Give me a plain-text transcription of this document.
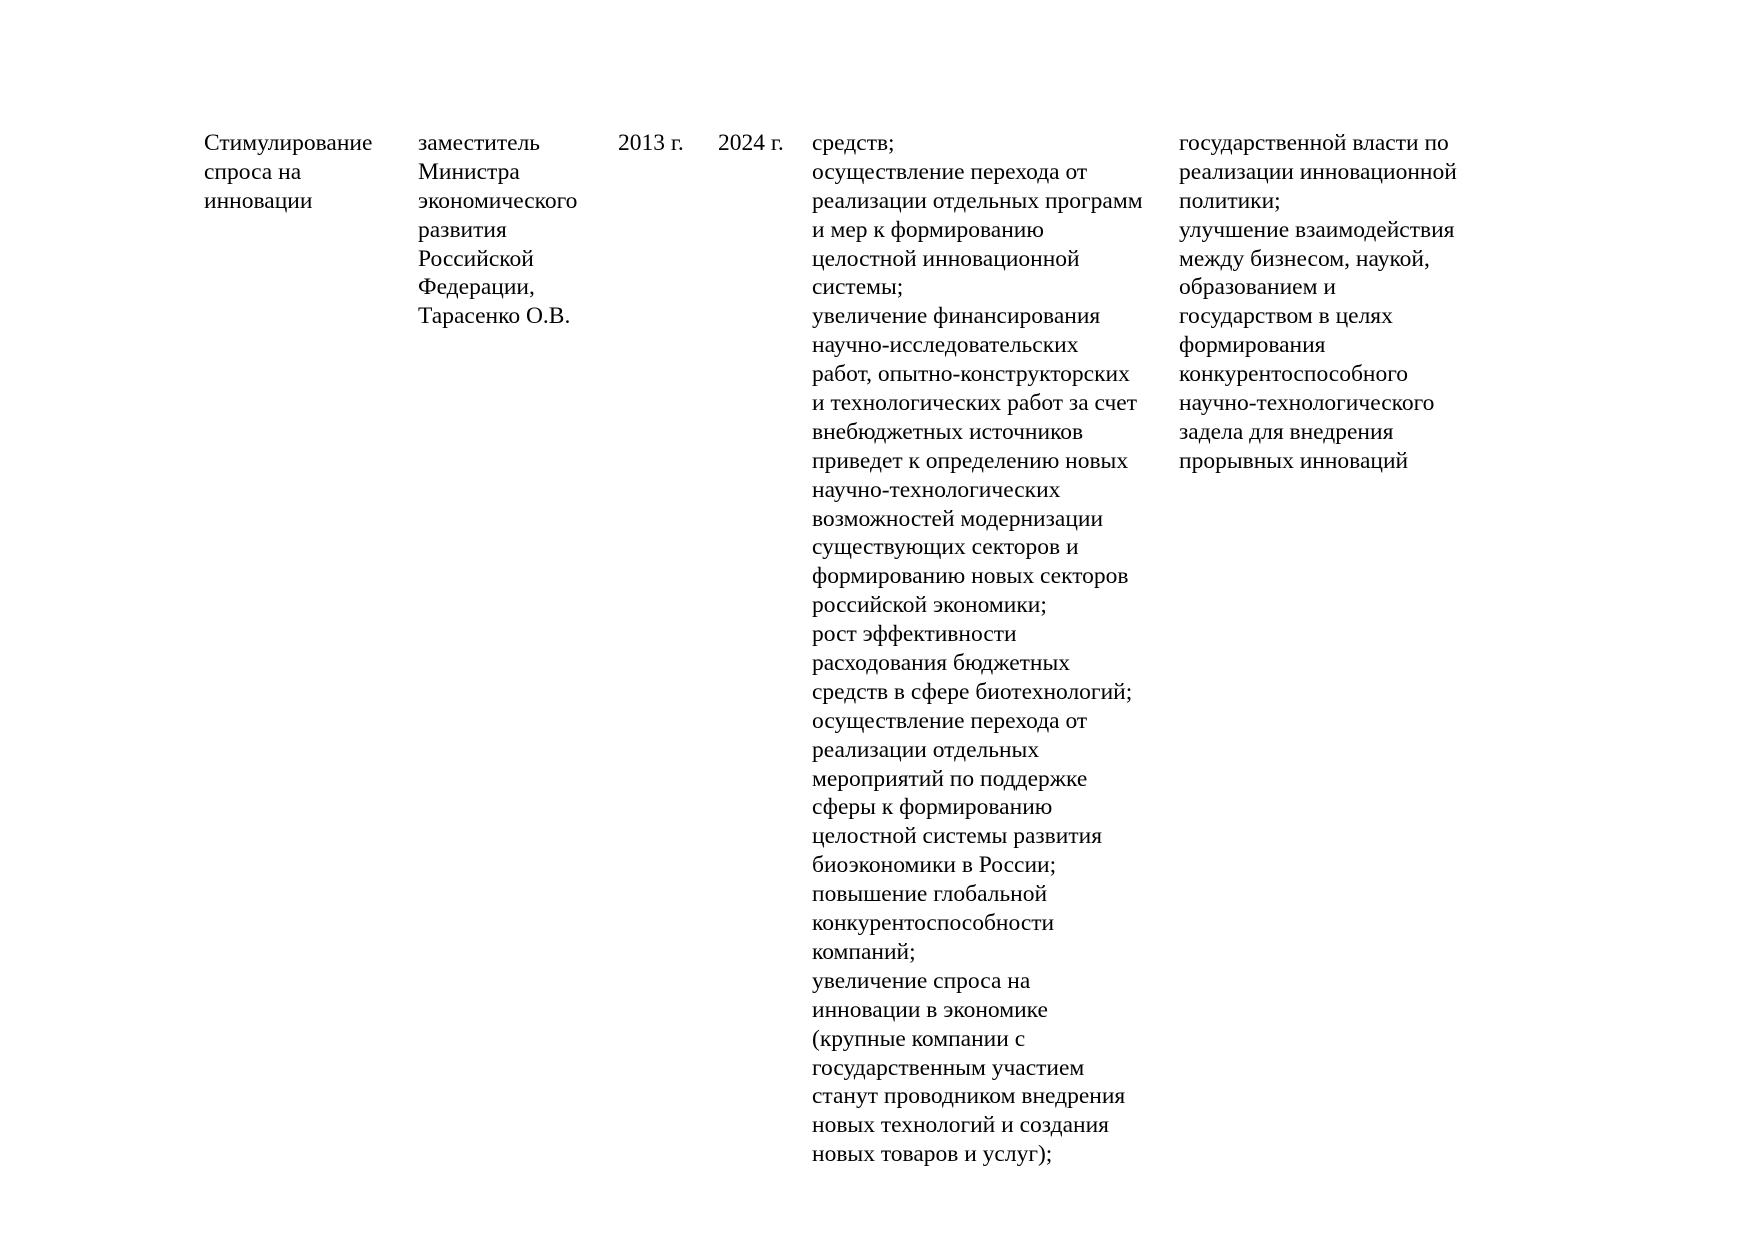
Стимулирование
спроса на
инновации
заместитель
Министра
экономического
развития
Российской
Федерации,
Тарасенко О.В.
2013 г. 2024 г. средств;
осуществление перехода от
реализации отдельных программ
и мер к формированию
целостной инновационной
системы;
увеличение финансирования
научно-исследовательских
работ, опытно-конструкторских
и технологических работ за счет
внебюджетных источников
приведет к определению новых
научно-технологических
возможностей модернизации
существующих секторов и
формированию новых секторов
российской экономики;
рост эффективности
расходования бюджетных
средств в сфере биотехнологий;
осуществление перехода от
реализации отдельных
мероприятий по поддержке
сферы к формированию
целостной системы развития
биоэкономики в России;
повышение глобальной
конкурентоспособности
компаний;
увеличение спроса на
инновации в экономике
(крупные компании с
государственным участием
станут проводником внедрения
новых технологий и создания
новых товаров и услуг);
государственной власти по
реализации инновационной
политики;
улучшение взаимодействия
между бизнесом, наукой,
образованием и
государством в целях
формирования
конкурентоспособного
научно-технологического
задела для внедрения
прорывных инноваций
